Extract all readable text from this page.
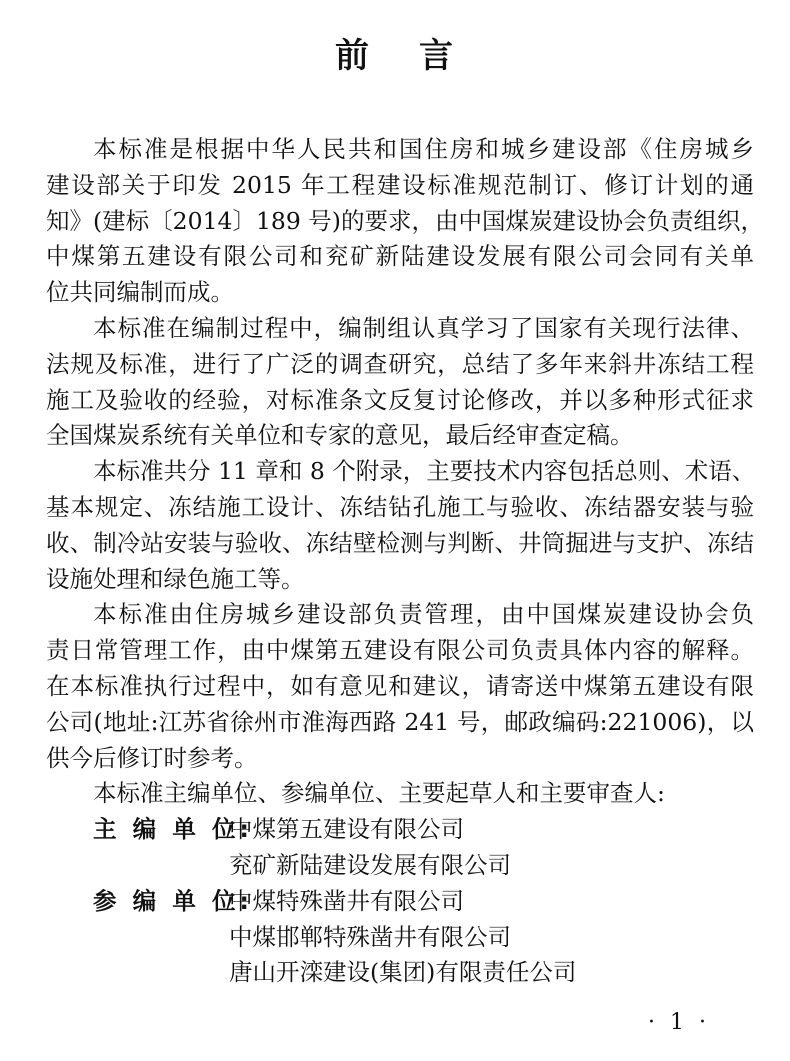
前 言
本标准是根据中华人民共和国住房和城乡建设部《住房城乡
建设部关于印发 2015 年工程建设标准规范制订、修订计划的通
知》(建标〔2014〕189 号)的要求，由中国煤炭建设协会负责组织，
中煤第五建设有限公司和兖矿新陆建设发展有限公司会同有关单
位共同编制而成。
本标准在编制过程中，编制组认真学习了国家有关现行法律、
法规及标准，进行了广泛的调查研究，总结了多年来斜井冻结工程
施工及验收的经验，对标准条文反复讨论修改，并以多种形式征求
全国煤炭系统有关单位和专家的意见，最后经审查定稿。
本标准共分 11 章和 8 个附录，主要技术内容包括总则、术语、
基本规定、冻结施工设计、冻结钻孔施工与验收、冻结器安装与验
收、制冷站安装与验收、冻结壁检测与判断、井筒掘进与支护、冻结
设施处理和绿色施工等。
本标准由住房城乡建设部负责管理，由中国煤炭建设协会负
责日常管理工作，由中煤第五建设有限公司负责具体内容的解释。
在本标准执行过程中，如有意见和建议，请寄送中煤第五建设有限
公司(地址:江苏省徐州市淮海西路 241 号，邮政编码:221006)，以
供今后修订时参考。
本标准主编单位、参编单位、主要起草人和主要审查人:
主 编 单 位:
中煤第五建设有限公司
兖矿新陆建设发展有限公司
参 编 单 位:
中煤特殊凿井有限公司
中煤邯郸特殊凿井有限公司
唐山开滦建设(集团)有限责任公司
· 1 ·
